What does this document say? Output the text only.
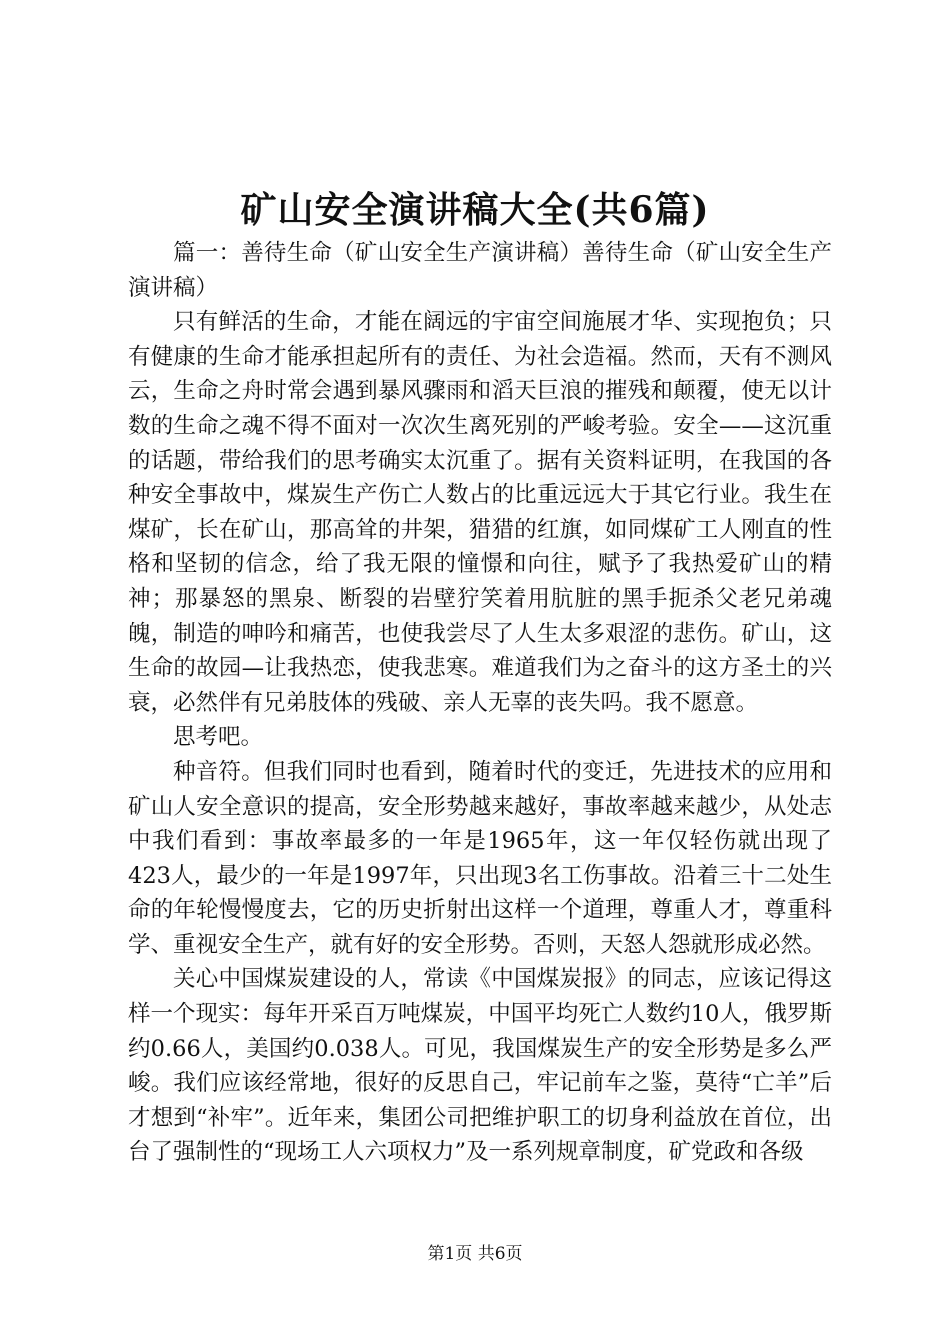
矿山安全演讲稿大全(共6篇)

篇一：善待生命（矿山安全生产演讲稿）善待生命（矿山安全生产演讲稿）

只有鲜活的生命，才能在阔远的宇宙空间施展才华、实现抱负；只有健康的生命才能承担起所有的责任、为社会造福。然而，天有不测风云，生命之舟时常会遇到暴风骤雨和滔天巨浪的摧残和颠覆，使无以计数的生命之魂不得不面对一次次生离死别的严峻考验。安全——这沉重的话题，带给我们的思考确实太沉重了。据有关资料证明，在我国的各种安全事故中，煤炭生产伤亡人数占的比重远远大于其它行业。我生在煤矿，长在矿山，那高耸的井架，猎猎的红旗，如同煤矿工人刚直的性格和坚韧的信念，给了我无限的憧憬和向往，赋予了我热爱矿山的精神；那暴怒的黑泉、断裂的岩壁狞笑着用肮脏的黑手扼杀父老兄弟魂魄，制造的呻吟和痛苦，也使我尝尽了人生太多艰涩的悲伤。矿山，这生命的故园—让我热恋，使我悲寒。难道我们为之奋斗的这方圣土的兴衰，必然伴有兄弟肢体的残破、亲人无辜的丧失吗。我不愿意。

思考吧。

种音符。但我们同时也看到，随着时代的变迁，先进技术的应用和矿山人安全意识的提高，安全形势越来越好，事故率越来越少，从处志中我们看到：事故率最多的一年是1965年，这一年仅轻伤就出现了423人，最少的一年是1997年，只出现3名工伤事故。沿着三十二处生命的年轮慢慢度去，它的历史折射出这样一个道理，尊重人才，尊重科学、重视安全生产，就有好的安全形势。否则，天怒人怨就形成必然。

关心中国煤炭建设的人，常读《中国煤炭报》的同志，应该记得这样一个现实：每年开采百万吨煤炭，中国平均死亡人数约10人，俄罗斯约0.66人，美国约0.038人。可见，我国煤炭生产的安全形势是多么严峻。我们应该经常地，很好的反思自己，牢记前车之鉴，莫待“亡羊”后才想到“补牢”。近年来，集团公司把维护职工的切身利益放在首位，出台了强制性的“现场工人六项权力”及一系列规章制度，矿党政和各级

第1页 共6页
